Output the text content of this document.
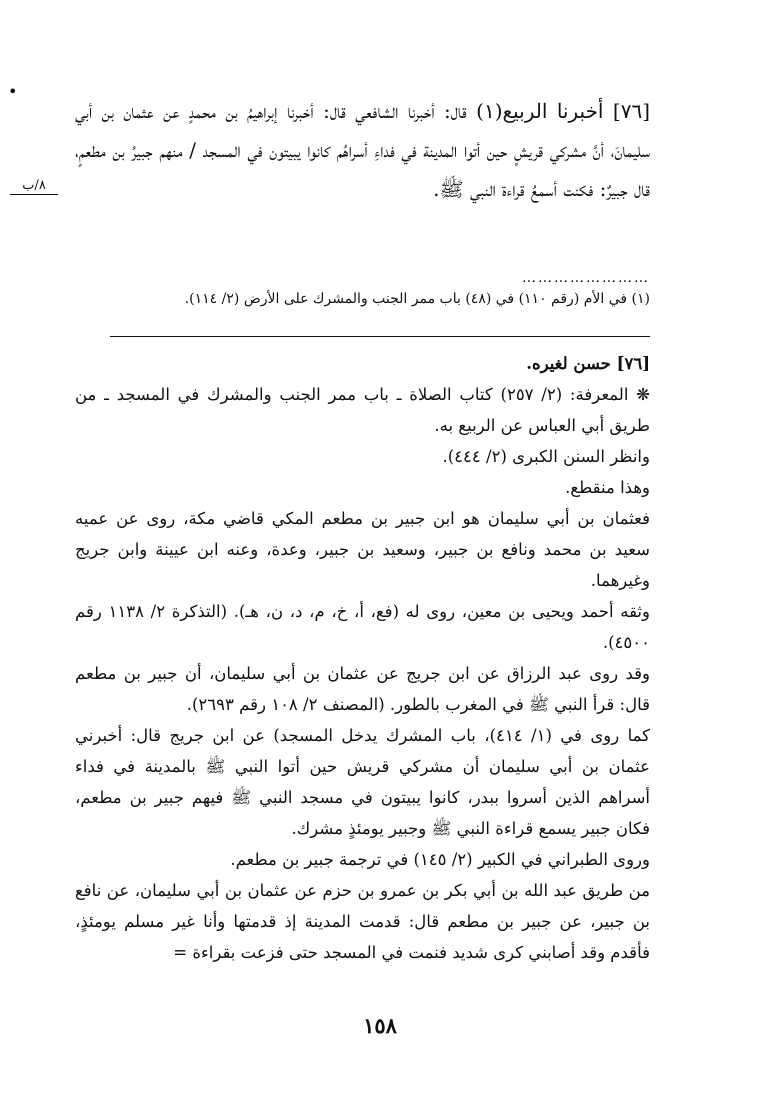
•

[٧٦] أخبرنا الربيع(١) قال: أخبرنا الشافعي قال: أخبرنا إبراهيمُ بن محمدٍ عن عثمان بن أبي سليمانَ، أنَّ مشركي قريشٍ حين أتوا المدينة في فداءِ أسراهُم كانوا يبيتون في المسجد / منهم جبيرُ بن مطعمٍ، قال جبيرٌ: فكنت أسمعُ قراءة النبي ﷺ.

٨/ب
……………………
(١) في الأم (رقم ١١٠) في (٤٨) باب ممر الجنب والمشرك على الأرض (٢/ ١١٤).

[٧٦] حسن لغيره.

❋ المعرفة: (٢/ ٢٥٧) كتاب الصلاة ـ باب ممر الجنب والمشرك في المسجد ـ من طريق أبي العباس عن الربيع به.

وانظر السنن الكبرى (٢/ ٤٤٤).

وهذا منقطع.

فعثمان بن أبي سليمان هو ابن جبير بن مطعم المكي قاضي مكة، روى عن عميه سعيد بن محمد ونافع بن جبير، وسعيد بن جبير، وعدة، وعنه ابن عيينة وابن جريج وغيرهما.

وثقه أحمد ويحيى بن معين، روى له (فع، أ، خ، م، د، ن، هـ). (التذكرة ٢/ ١١٣٨ رقم ٤٥٠٠).

وقد روى عبد الرزاق عن ابن جريج عن عثمان بن أبي سليمان، أن جبير بن مطعم قال: قرأ النبي ﷺ في المغرب بالطور. (المصنف ٢/ ١٠٨ رقم ٢٦٩٣).

كما روى في (١/ ٤١٤)، باب المشرك يدخل المسجد) عن ابن جريج قال: أخبرني عثمان بن أبي سليمان أن مشركي قريش حين أتوا النبي ﷺ بالمدينة في فداء أسراهم الذين أسروا ببدر، كانوا يبيتون في مسجد النبي ﷺ فيهم جبير بن مطعم، فكان جبير يسمع قراءة النبي ﷺ وجبير يومئذٍ مشرك.

وروى الطبراني في الكبير (٢/ ١٤٥) في ترجمة جبير بن مطعم.

من طريق عبد الله بن أبي بكر بن عمرو بن حزم عن عثمان بن أبي سليمان، عن نافع بن جبير، عن جبير بن مطعم قال: قدمت المدينة إذ قدمتها وأنا غير مسلم يومئذٍ، فأقدم وقد أصابني كرى شديد فنمت في المسجد حتى فزعت بقراءة =

١٥٨
